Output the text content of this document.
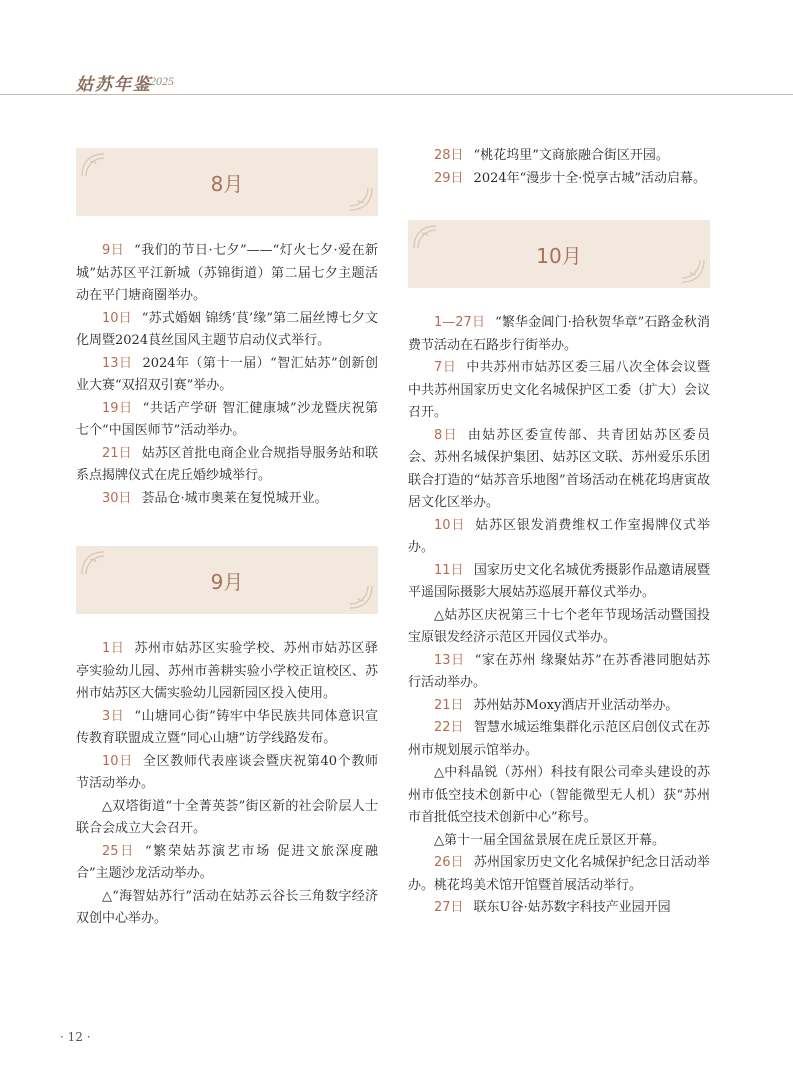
姑苏年鉴
2025
8月

9日 “我们的节日·七夕”——“灯火七夕·爱在新城”姑苏区平江新城（苏锦街道）第二届七夕主题活动在平门塘商圈举办。

10日 “苏式婚姻 锦绣‘茛’缘”第二届丝博七夕文化周暨2024茛丝国风主题节启动仪式举行。

13日 2024年（第十一届）“智汇姑苏”创新创业大赛“双招双引赛”举办。

19日 “共话产学研 智汇健康城”沙龙暨庆祝第七个“中国医师节”活动举办。

21日 姑苏区首批电商企业合规指导服务站和联系点揭牌仪式在虎丘婚纱城举行。

30日 荟品仓·城市奥莱在复悦城开业。

9月

1日 苏州市姑苏区实验学校、苏州市姑苏区驿亭实验幼儿园、苏州市善耕实验小学校正谊校区、苏州市姑苏区大儒实验幼儿园新园区投入使用。

3日 “山塘同心街”铸牢中华民族共同体意识宣传教育联盟成立暨“同心山塘”访学线路发布。

10日 全区教师代表座谈会暨庆祝第40个教师节活动举办。

△双塔街道“十全菁英荟”街区新的社会阶层人士联合会成立大会召开。

25日 “繁荣姑苏演艺市场 促进文旅深度融合”主题沙龙活动举办。

△“海智姑苏行”活动在姑苏云谷长三角数字经济双创中心举办。

28日 “桃花坞里”文商旅融合街区开园。

29日 2024年“漫步十全·悦享古城”活动启幕。

10月

1—27日 “繁华金阊门·拾秋贺华章”石路金秋消费节活动在石路步行街举办。

7日 中共苏州市姑苏区委三届八次全体会议暨中共苏州国家历史文化名城保护区工委（扩大）会议召开。

8日 由姑苏区委宣传部、共青团姑苏区委员会、苏州名城保护集团、姑苏区文联、苏州爱乐乐团联合打造的“姑苏音乐地图”首场活动在桃花坞唐寅故居文化区举办。

10日 姑苏区银发消费维权工作室揭牌仪式举办。

11日 国家历史文化名城优秀摄影作品邀请展暨平遥国际摄影大展姑苏巡展开幕仪式举办。

△姑苏区庆祝第三十七个老年节现场活动暨国投宝原银发经济示范区开园仪式举办。

13日 “家在苏州 缘聚姑苏”在苏香港同胞姑苏行活动举办。

21日 苏州姑苏Moxy酒店开业活动举办。

22日 智慧水城运维集群化示范区启创仪式在苏州市规划展示馆举办。

△中科晶锐（苏州）科技有限公司牵头建设的苏州市低空技术创新中心（智能微型无人机）获“苏州市首批低空技术创新中心”称号。

△第十一届全国盆景展在虎丘景区开幕。

26日 苏州国家历史文化名城保护纪念日活动举办。桃花坞美术馆开馆暨首展活动举行。

27日 联东U谷·姑苏数字科技产业园开园

· 12 ·
